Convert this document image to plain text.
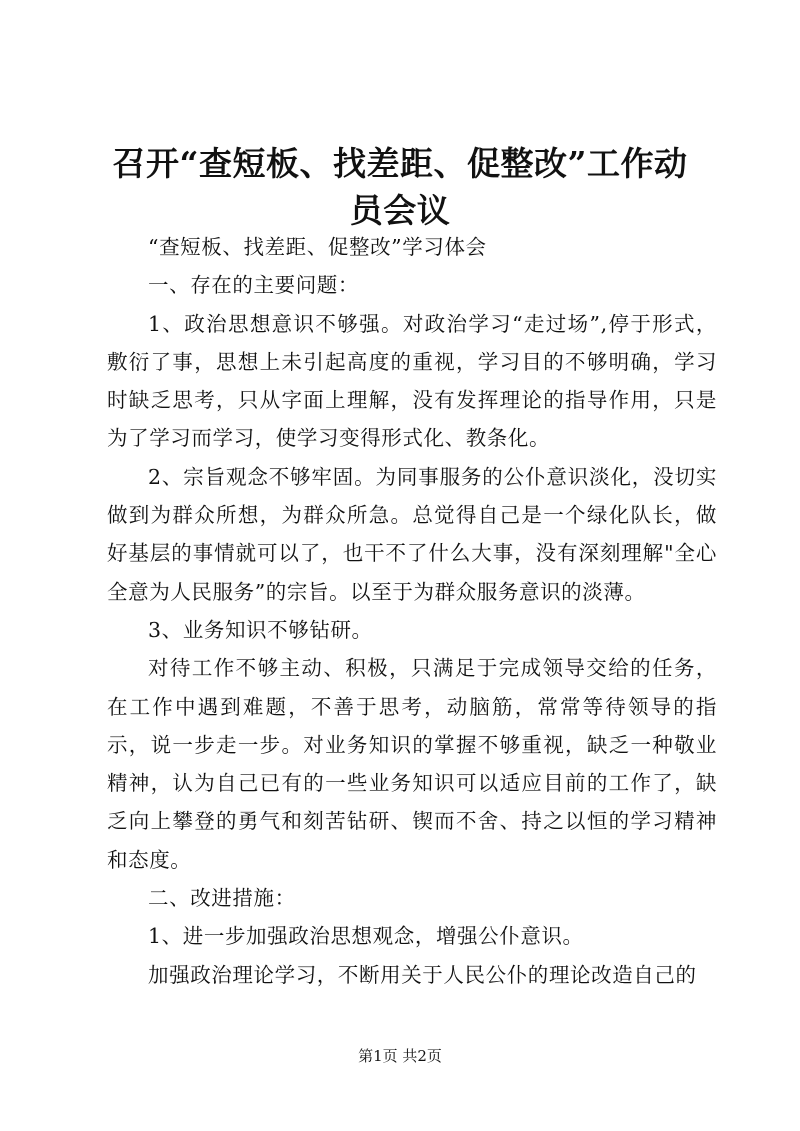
召开“查短板、找差距、促整改”工作动员会议

“查短板、找差距、促整改”学习体会

一、存在的主要问题：

1、政治思想意识不够强。对政治学习“走过场”,停于形式，敷衍了事，思想上未引起高度的重视，学习目的不够明确，学习时缺乏思考，只从字面上理解，没有发挥理论的指导作用，只是为了学习而学习，使学习变得形式化、教条化。

2、宗旨观念不够牢固。为同事服务的公仆意识淡化，没切实做到为群众所想，为群众所急。总觉得自己是一个绿化队长，做好基层的事情就可以了，也干不了什么大事，没有深刻理解"全心全意为人民服务”的宗旨。以至于为群众服务意识的淡薄。

3、业务知识不够钻研。

对待工作不够主动、积极，只满足于完成领导交给的任务，在工作中遇到难题，不善于思考，动脑筋，常常等待领导的指示，说一步走一步。对业务知识的掌握不够重视，缺乏一种敬业精神，认为自己已有的一些业务知识可以适应目前的工作了，缺乏向上攀登的勇气和刻苦钻研、锲而不舍、持之以恒的学习精神和态度。

二、改进措施：

1、进一步加强政治思想观念，增强公仆意识。

加强政治理论学习，不断用关于人民公仆的理论改造自己的

第1页 共2页
